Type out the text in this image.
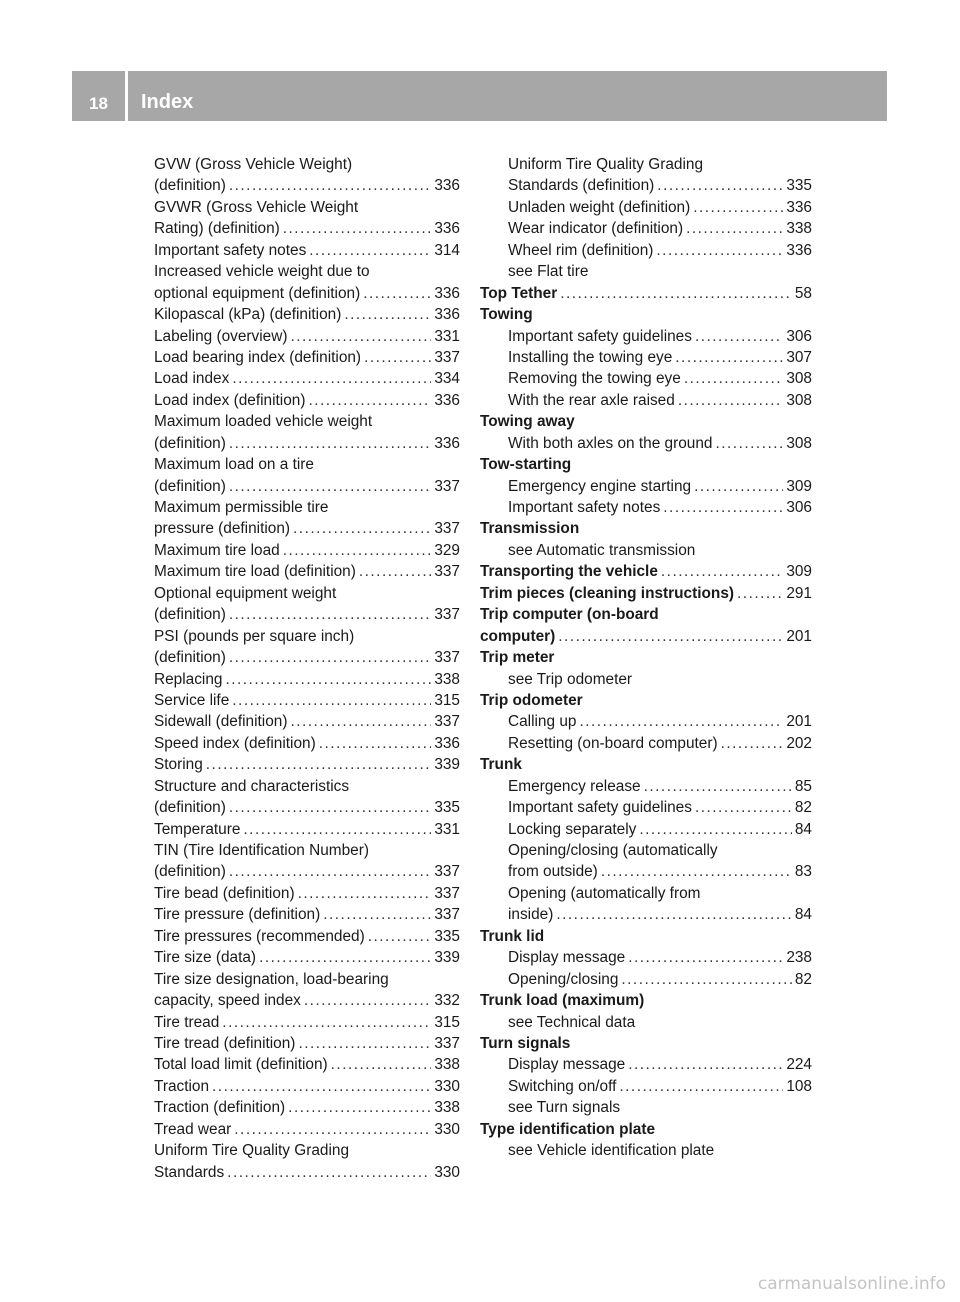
18	Index
GVW (Gross Vehicle Weight)
(definition) .....	336
GVWR (Gross Vehicle Weight
Rating) (definition) .....	336
Important safety notes .....	314
Increased vehicle weight due to
optional equipment (definition) .....	336
Kilopascal (kPa) (definition) .....	336
Labeling (overview) .....	331
Load bearing index (definition) .....	337
Load index .....	334
Load index (definition) .....	336
Maximum loaded vehicle weight
(definition) .....	336
Maximum load on a tire
(definition) .....	337
Maximum permissible tire
pressure (definition) .....	337
Maximum tire load .....	329
Maximum tire load (definition) .....	337
Optional equipment weight
(definition) .....	337
PSI (pounds per square inch)
(definition) .....	337
Replacing .....	338
Service life .....	315
Sidewall (definition) .....	337
Speed index (definition) .....	336
Storing .....	339
Structure and characteristics
(definition) .....	335
Temperature .....	331
TIN (Tire Identification Number)
(definition) .....	337
Tire bead (definition) .....	337
Tire pressure (definition) .....	337
Tire pressures (recommended) .....	335
Tire size (data) .....	339
Tire size designation, load-bearing
capacity, speed index .....	332
Tire tread .....	315
Tire tread (definition) .....	337
Total load limit (definition) .....	338
Traction .....	330
Traction (definition) .....	338
Tread wear .....	330
Uniform Tire Quality Grading
Standards .....	330
Uniform Tire Quality Grading
Standards (definition) .....	335
Unladen weight (definition) .....	336
Wear indicator (definition) .....	338
Wheel rim (definition) .....	336
see Flat tire
Top Tether .....	58
Towing
Important safety guidelines .....	306
Installing the towing eye .....	307
Removing the towing eye .....	308
With the rear axle raised .....	308
Towing away
With both axles on the ground .....	308
Tow-starting
Emergency engine starting .....	309
Important safety notes .....	306
Transmission
see Automatic transmission
Transporting the vehicle .....	309
Trim pieces (cleaning instructions) .....	291
Trip computer (on-board
computer) .....	201
Trip meter
see Trip odometer
Trip odometer
Calling up .....	201
Resetting (on-board computer) .....	202
Trunk
Emergency release .....	85
Important safety guidelines .....	82
Locking separately .....	84
Opening/closing (automatically
from outside) .....	83
Opening (automatically from
inside) .....	84
Trunk lid
Display message .....	238
Opening/closing .....	82
Trunk load (maximum)
see Technical data
Turn signals
Display message .....	224
Switching on/off .....	108
see Turn signals
Type identification plate
see Vehicle identification plate
carmanualsonline.info
